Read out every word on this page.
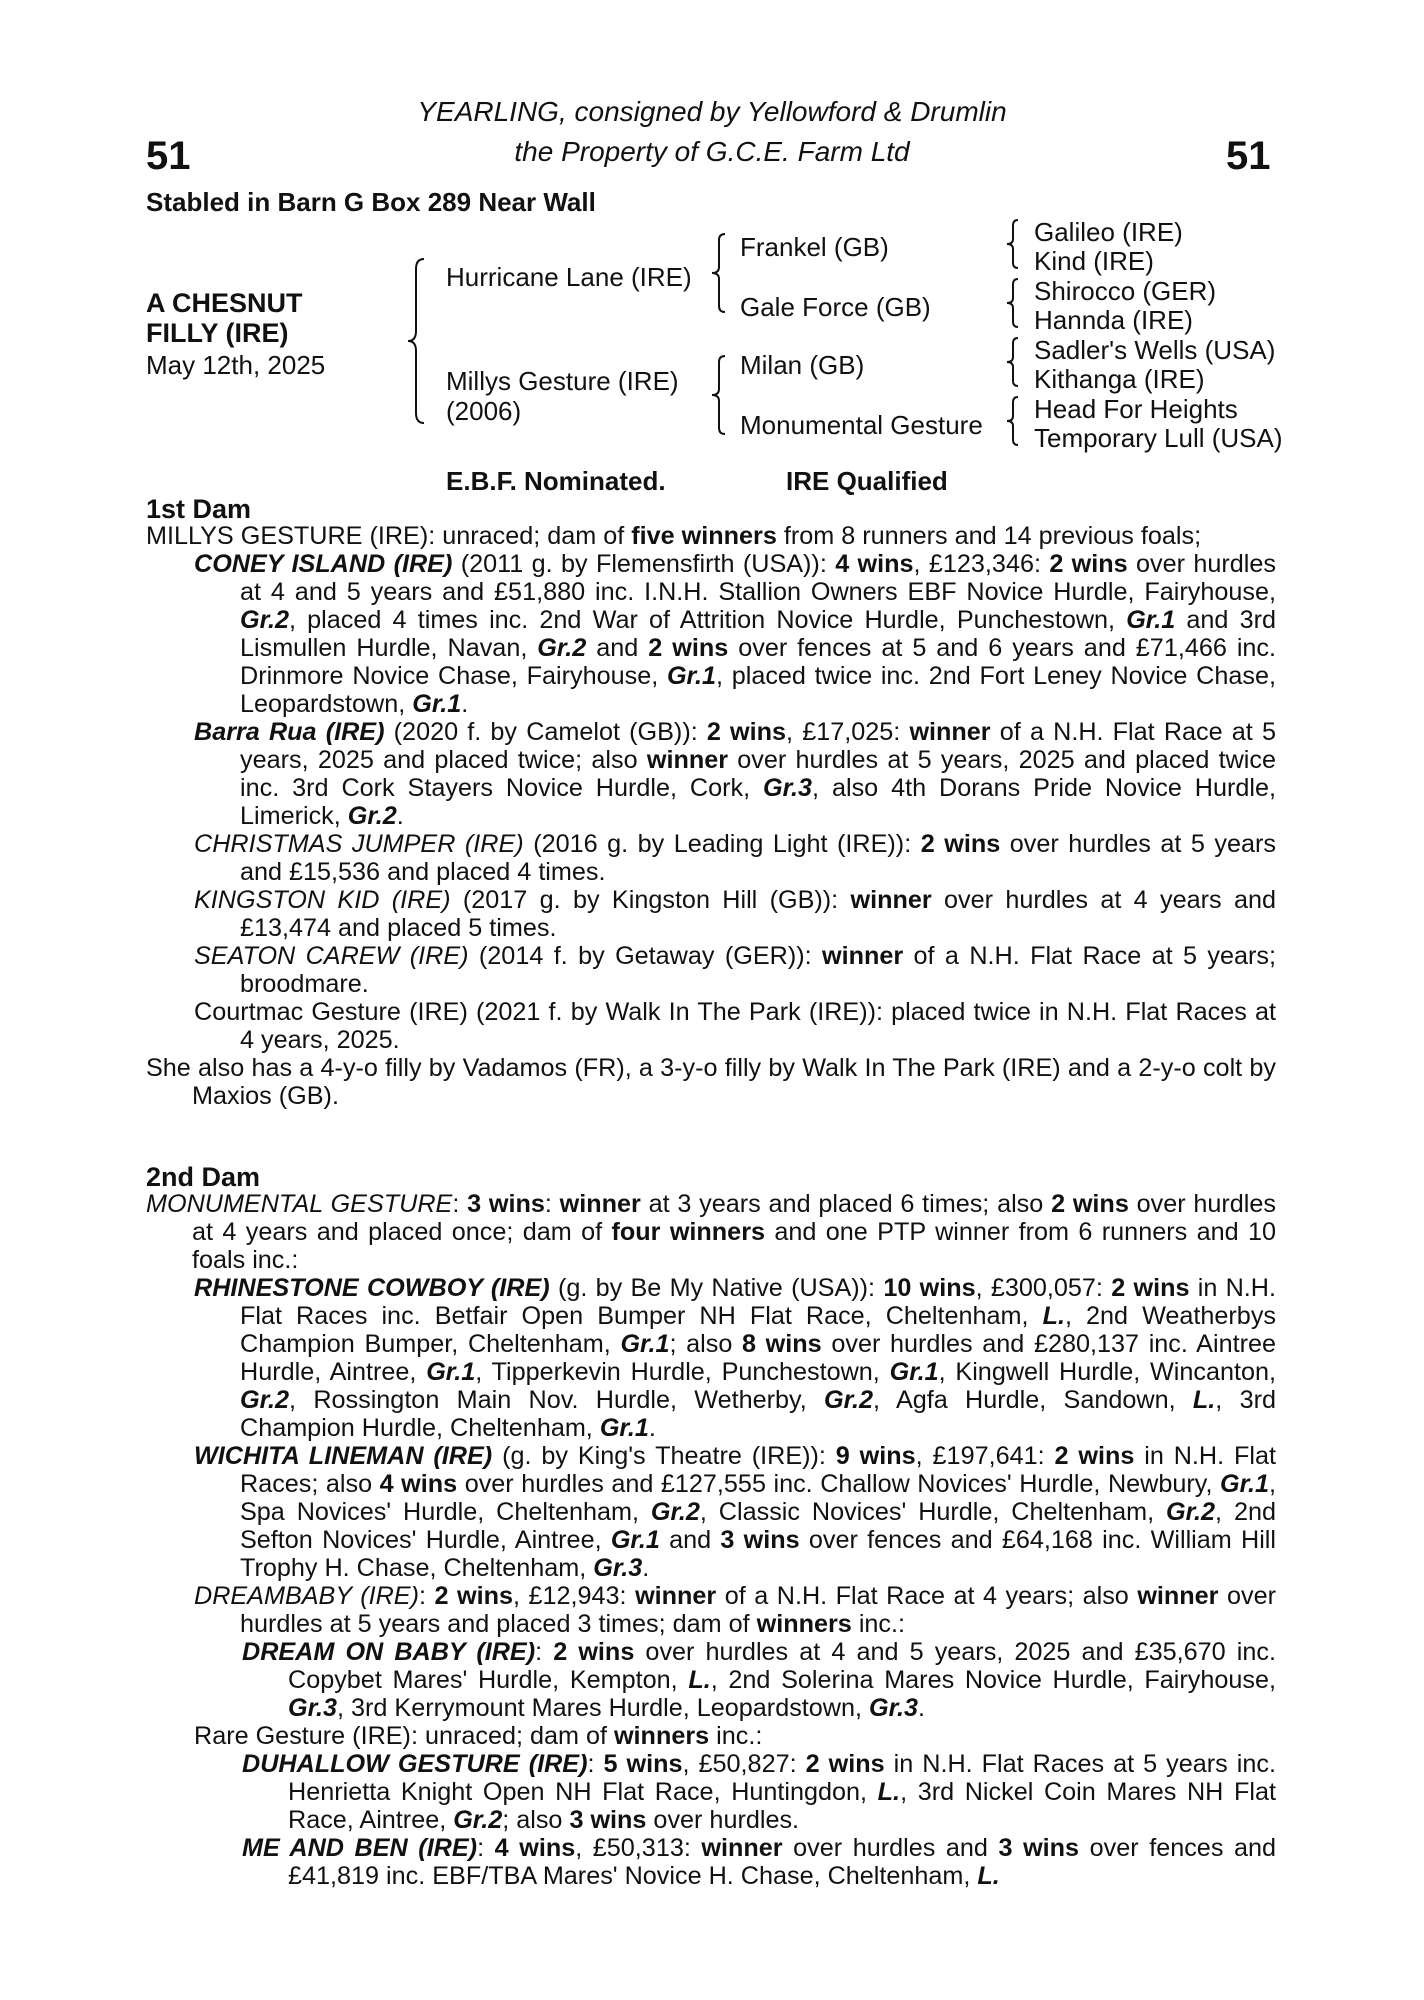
51	51
YEARLING, consigned by Yellowford & Drumlin
the Property of G.C.E. Farm Ltd
Stabled in Barn G Box 289 Near Wall
A CHESNUT
FILLY (IRE)
May 12th, 2025
Hurricane Lane (IRE)
Millys Gesture (IRE)
(2006)
Frankel (GB)
Gale Force (GB)
Milan (GB)
Monumental Gesture
Galileo (IRE)
Kind (IRE)
Shirocco (GER)
Hannda (IRE)
Sadler's Wells (USA)
Kithanga (IRE)
Head For Heights
Temporary Lull (USA)
E.B.F. Nominated.	IRE Qualified
1st Dam
MILLYS GESTURE (IRE): unraced; dam of five winners from 8 runners and 14 previous foals;
CONEY ISLAND (IRE) (2011 g. by Flemensfirth (USA)): 4 wins, £123,346: 2 wins over hurdles at 4 and 5 years and £51,880 inc. I.N.H. Stallion Owners EBF Novice Hurdle, Fairyhouse, Gr.2, placed 4 times inc. 2nd War of Attrition Novice Hurdle, Punchestown, Gr.1 and 3rd Lismullen Hurdle, Navan, Gr.2 and 2 wins over fences at 5 and 6 years and £71,466 inc. Drinmore Novice Chase, Fairyhouse, Gr.1, placed twice inc. 2nd Fort Leney Novice Chase, Leopardstown, Gr.1.
Barra Rua (IRE) (2020 f. by Camelot (GB)): 2 wins, £17,025: winner of a N.H. Flat Race at 5 years, 2025 and placed twice; also winner over hurdles at 5 years, 2025 and placed twice inc. 3rd Cork Stayers Novice Hurdle, Cork, Gr.3, also 4th Dorans Pride Novice Hurdle, Limerick, Gr.2.
CHRISTMAS JUMPER (IRE) (2016 g. by Leading Light (IRE)): 2 wins over hurdles at 5 years and £15,536 and placed 4 times.
KINGSTON KID (IRE) (2017 g. by Kingston Hill (GB)): winner over hurdles at 4 years and £13,474 and placed 5 times.
SEATON CAREW (IRE) (2014 f. by Getaway (GER)): winner of a N.H. Flat Race at 5 years; broodmare.
Courtmac Gesture (IRE) (2021 f. by Walk In The Park (IRE)): placed twice in N.H. Flat Races at 4 years, 2025.
She also has a 4-y-o filly by Vadamos (FR), a 3-y-o filly by Walk In The Park (IRE) and a 2-y-o colt by Maxios (GB).
2nd Dam
MONUMENTAL GESTURE: 3 wins: winner at 3 years and placed 6 times; also 2 wins over hurdles at 4 years and placed once; dam of four winners and one PTP winner from 6 runners and 10 foals inc.:
RHINESTONE COWBOY (IRE) (g. by Be My Native (USA)): 10 wins, £300,057: 2 wins in N.H. Flat Races inc. Betfair Open Bumper NH Flat Race, Cheltenham, L., 2nd Weatherbys Champion Bumper, Cheltenham, Gr.1; also 8 wins over hurdles and £280,137 inc. Aintree Hurdle, Aintree, Gr.1, Tipperkevin Hurdle, Punchestown, Gr.1, Kingwell Hurdle, Wincanton, Gr.2, Rossington Main Nov. Hurdle, Wetherby, Gr.2, Agfa Hurdle, Sandown, L., 3rd Champion Hurdle, Cheltenham, Gr.1.
WICHITA LINEMAN (IRE) (g. by King's Theatre (IRE)): 9 wins, £197,641: 2 wins in N.H. Flat Races; also 4 wins over hurdles and £127,555 inc. Challow Novices' Hurdle, Newbury, Gr.1, Spa Novices' Hurdle, Cheltenham, Gr.2, Classic Novices' Hurdle, Cheltenham, Gr.2, 2nd Sefton Novices' Hurdle, Aintree, Gr.1 and 3 wins over fences and £64,168 inc. William Hill Trophy H. Chase, Cheltenham, Gr.3.
DREAMBABY (IRE): 2 wins, £12,943: winner of a N.H. Flat Race at 4 years; also winner over hurdles at 5 years and placed 3 times; dam of winners inc.:
DREAM ON BABY (IRE): 2 wins over hurdles at 4 and 5 years, 2025 and £35,670 inc. Copybet Mares' Hurdle, Kempton, L., 2nd Solerina Mares Novice Hurdle, Fairyhouse, Gr.3, 3rd Kerrymount Mares Hurdle, Leopardstown, Gr.3.
Rare Gesture (IRE): unraced; dam of winners inc.:
DUHALLOW GESTURE (IRE): 5 wins, £50,827: 2 wins in N.H. Flat Races at 5 years inc. Henrietta Knight Open NH Flat Race, Huntingdon, L., 3rd Nickel Coin Mares NH Flat Race, Aintree, Gr.2; also 3 wins over hurdles.
ME AND BEN (IRE): 4 wins, £50,313: winner over hurdles and 3 wins over fences and £41,819 inc. EBF/TBA Mares' Novice H. Chase, Cheltenham, L.
